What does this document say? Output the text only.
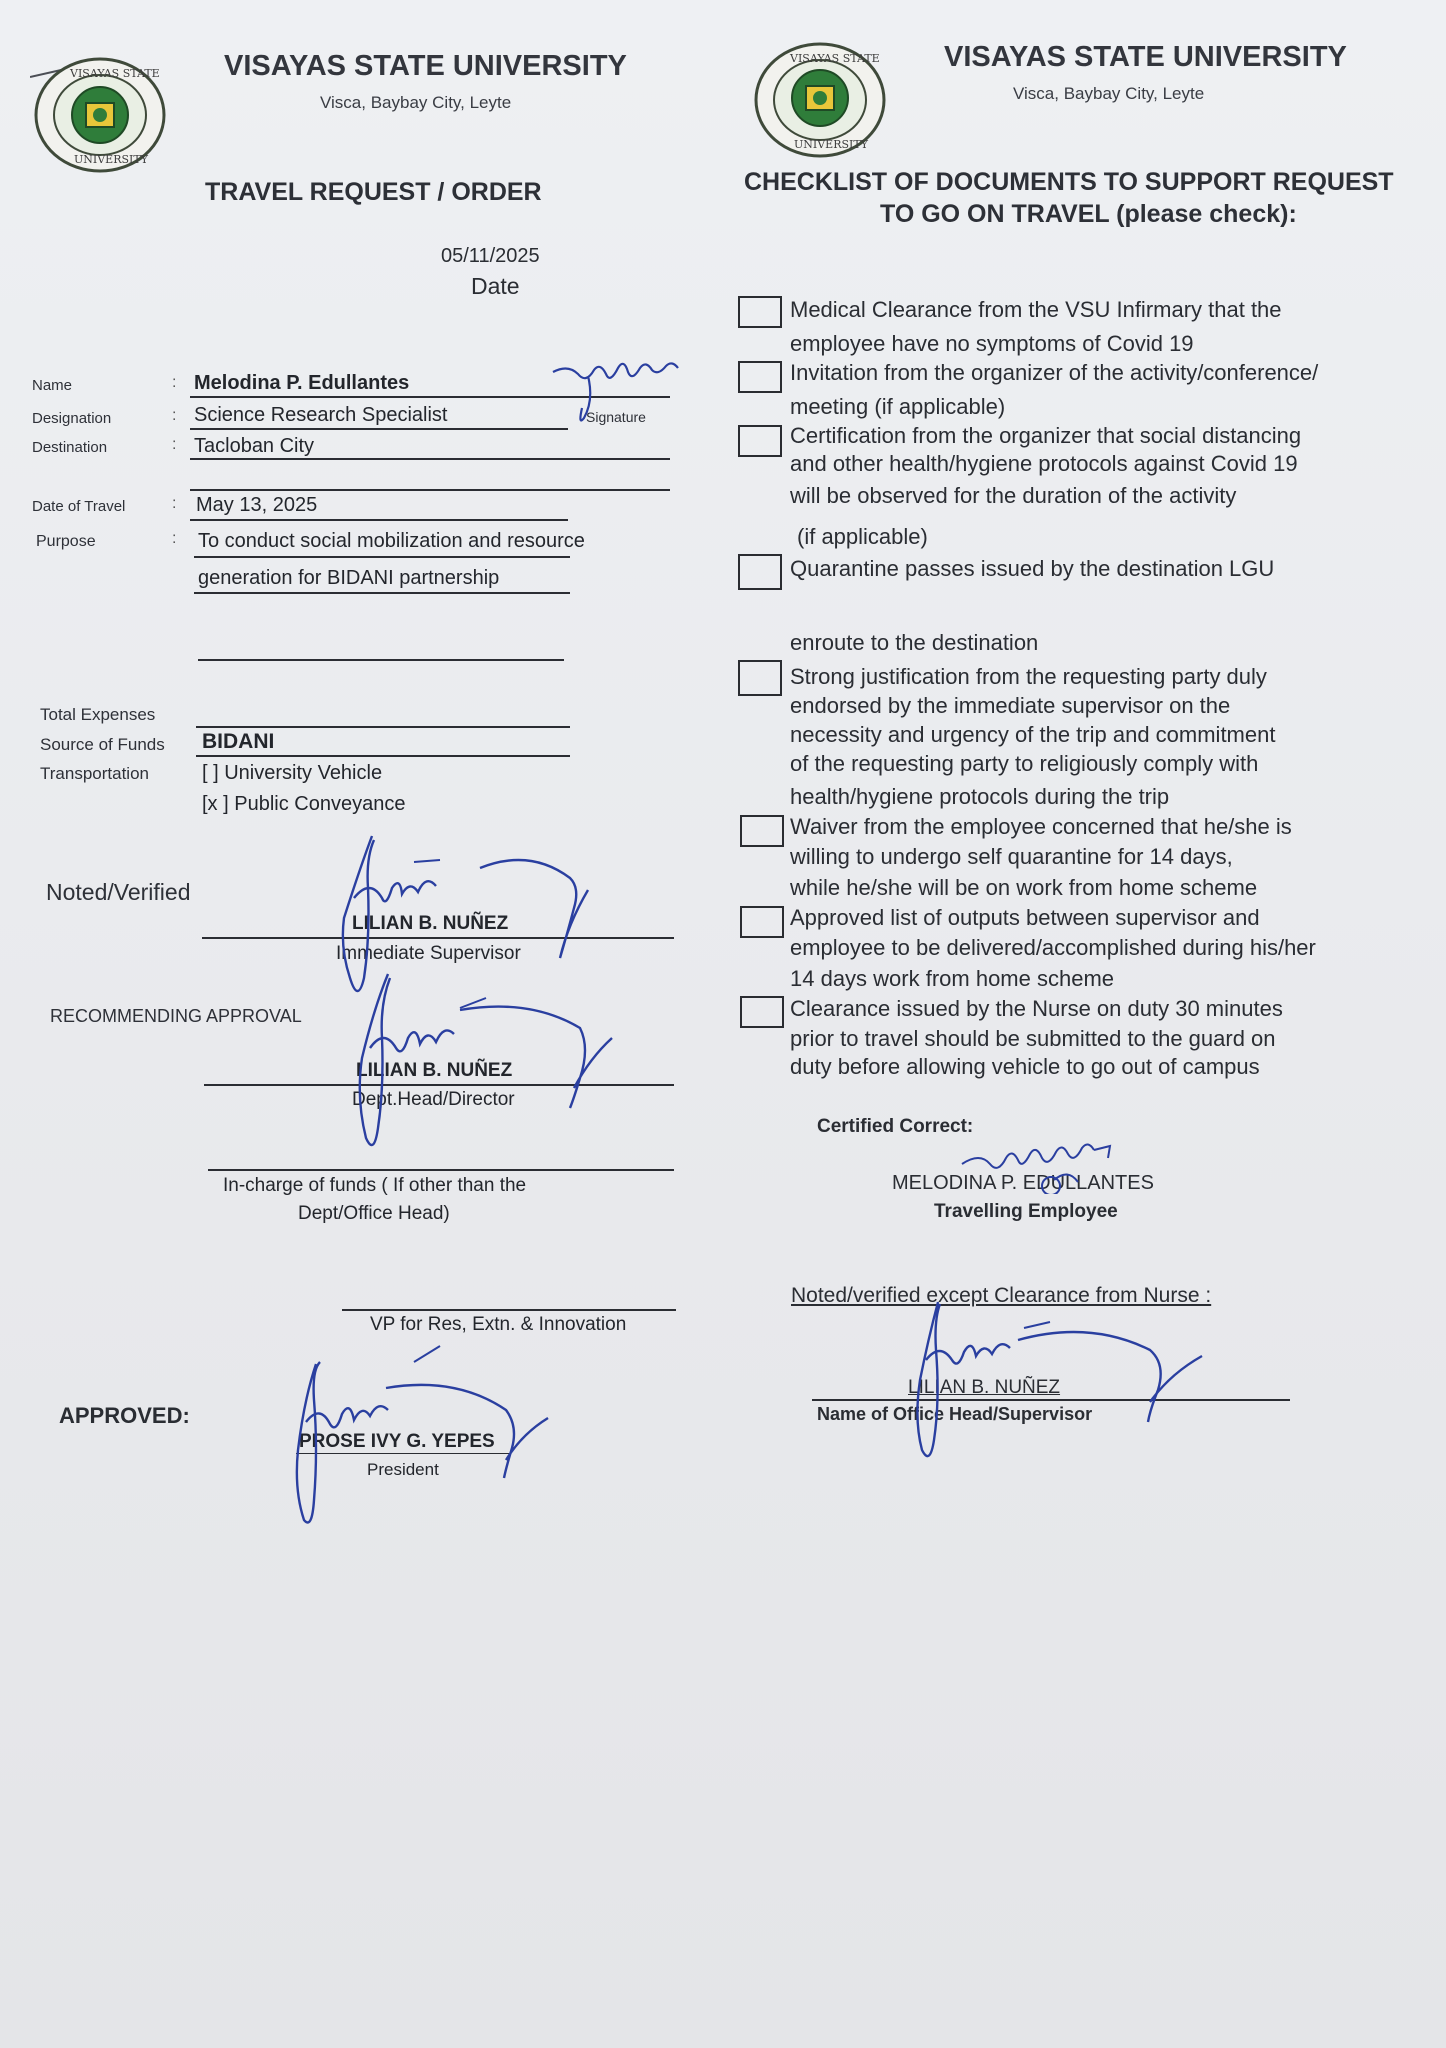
VISAYAS STATE
UNIVERSITY
VISAYAS STATE UNIVERSITY
Visca, Baybay City, Leyte
TRAVEL REQUEST / ORDER
05/11/2025
Date
Name	: Melodina P. Edullantes
Signature
Designation	: Science Research Specialist
Destination	: Tacloban City
Date of Travel	: May 13, 2025
Purpose	: To conduct social mobilization and resource
generation for BIDANI partnership
Total Expenses
Source of Funds BIDANI
Transportation	[ ] University Vehicle
[x ] Public Conveyance
Noted/Verified
LILIAN B. NUÑEZ
Immediate Supervisor
RECOMMENDING APPROVAL
LILIAN B. NUÑEZ
Dept.Head/Director
In-charge of funds ( If other than the
Dept/Office Head)
VP for Res, Extn. & Innovation
APPROVED:
PROSE IVY G. YEPES
President
VISAYAS STATE
UNIVERSITY
VISAYAS STATE UNIVERSITY
Visca, Baybay City, Leyte
CHECKLIST OF DOCUMENTS TO SUPPORT REQUEST
TO GO ON TRAVEL (please check):
Medical Clearance from the VSU Infirmary that the
employee have no symptoms of Covid 19
Invitation from the organizer of the activity/conference/
meeting (if applicable)
Certification from the organizer that social distancing
and other health/hygiene protocols against Covid 19
will be observed for the duration of the activity
(if applicable)
Quarantine passes issued by the destination LGU
enroute to the destination
Strong justification from the requesting party duly
endorsed by the immediate supervisor on the
necessity and urgency of the trip and commitment
of the requesting party to religiously comply with
health/hygiene protocols during the trip
Waiver from the employee concerned that he/she is
willing to undergo self quarantine for 14 days,
while he/she will be on work from home scheme
Approved list of outputs between supervisor and
employee to be delivered/accomplished during his/her
14 days work from home scheme
Clearance issued by the Nurse on duty 30 minutes
prior to travel should be submitted to the guard on
duty before allowing vehicle to go out of campus
Certified Correct:
MELODINA P. EDULLANTES
Travelling Employee
Noted/verified except Clearance from Nurse :
LILIAN B. NUÑEZ
Name of Office Head/Supervisor
